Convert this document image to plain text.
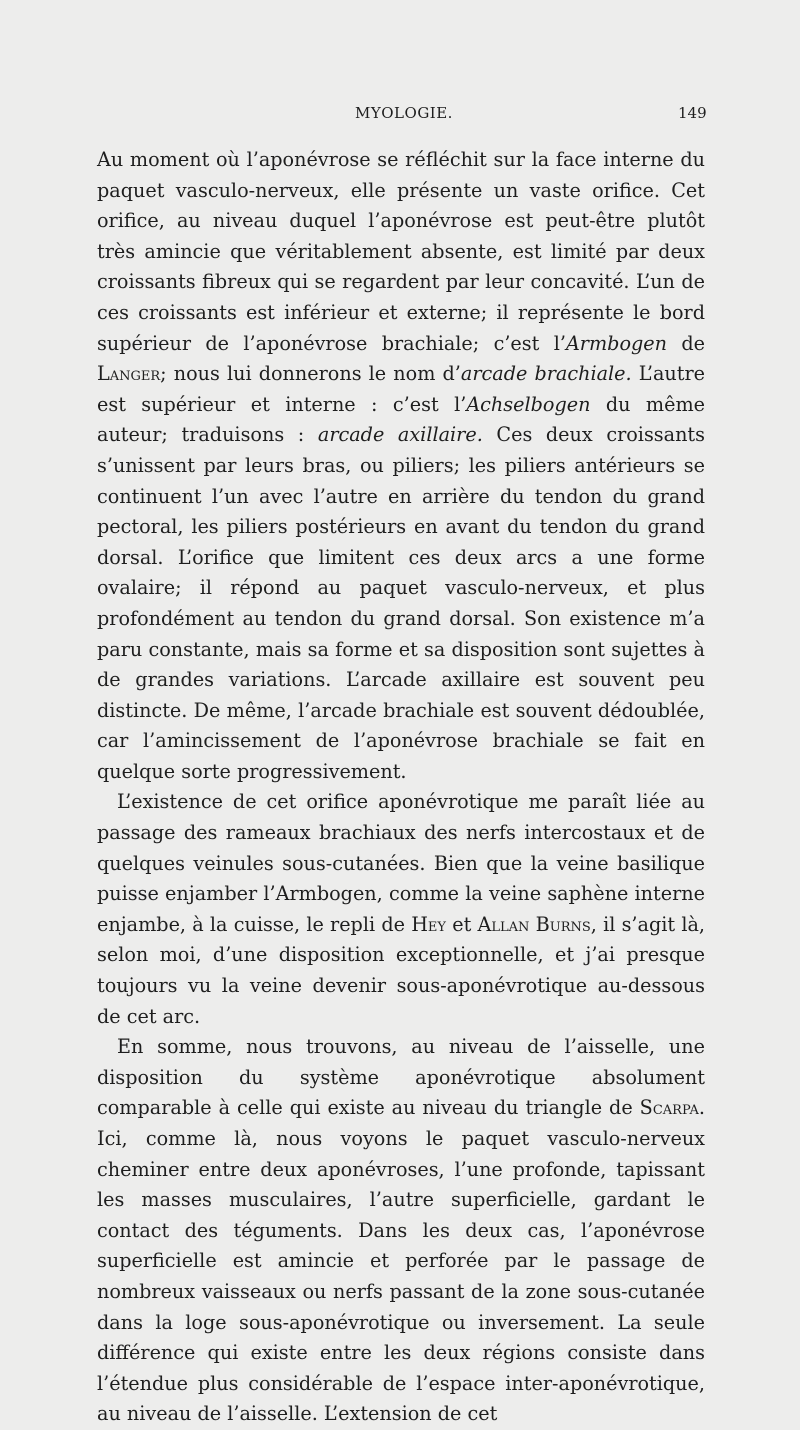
MYOLOGIE.	149

Au moment où l’aponévrose se réfléchit sur la face interne du paquet vasculo-nerveux, elle présente un vaste orifice. Cet orifice, au niveau duquel l’aponévrose est peut-être plutôt très amincie que véritablement absente, est limité par deux croissants fibreux qui se regardent par leur concavité. L’un de ces croissants est inférieur et externe; il représente le bord supérieur de l’aponévrose brachiale; c’est l’Armbogen de Langer; nous lui donnerons le nom d’arcade brachiale. L’autre est supérieur et interne : c’est l’Achselbogen du même auteur; traduisons : arcade axillaire. Ces deux croissants s’unissent par leurs bras, ou piliers; les piliers antérieurs se continuent l’un avec l’autre en arrière du tendon du grand pectoral, les piliers postérieurs en avant du tendon du grand dorsal. L’orifice que limitent ces deux arcs a une forme ovalaire; il répond au paquet vasculo-nerveux, et plus profondément au tendon du grand dorsal. Son existence m’a paru constante, mais sa forme et sa disposition sont sujettes à de grandes variations. L’arcade axillaire est souvent peu distincte. De même, l’arcade brachiale est souvent dédoublée, car l’amincissement de l’aponévrose brachiale se fait en quelque sorte progressivement.

L’existence de cet orifice aponévrotique me paraît liée au passage des rameaux brachiaux des nerfs intercostaux et de quelques veinules sous-cutanées. Bien que la veine basilique puisse enjamber l’Armbogen, comme la veine saphène interne enjambe, à la cuisse, le repli de Hey et Allan Burns, il s’agit là, selon moi, d’une disposition exceptionnelle, et j’ai presque toujours vu la veine devenir sous-aponévrotique au-dessous de cet arc.

En somme, nous trouvons, au niveau de l’aisselle, une disposition du système aponévrotique absolument comparable à celle qui existe au niveau du triangle de Scarpa. Ici, comme là, nous voyons le paquet vasculo-nerveux cheminer entre deux aponévroses, l’une profonde, tapissant les masses musculaires, l’autre superficielle, gardant le contact des téguments. Dans les deux cas, l’aponévrose superficielle est amincie et perforée par le passage de nombreux vaisseaux ou nerfs passant de la zone sous-cutanée dans la loge sous-aponévrotique ou inversement. La seule différence qui existe entre les deux régions consiste dans l’étendue plus considérable de l’espace inter-aponévrotique, au niveau de l’aisselle. L’extension de cet
